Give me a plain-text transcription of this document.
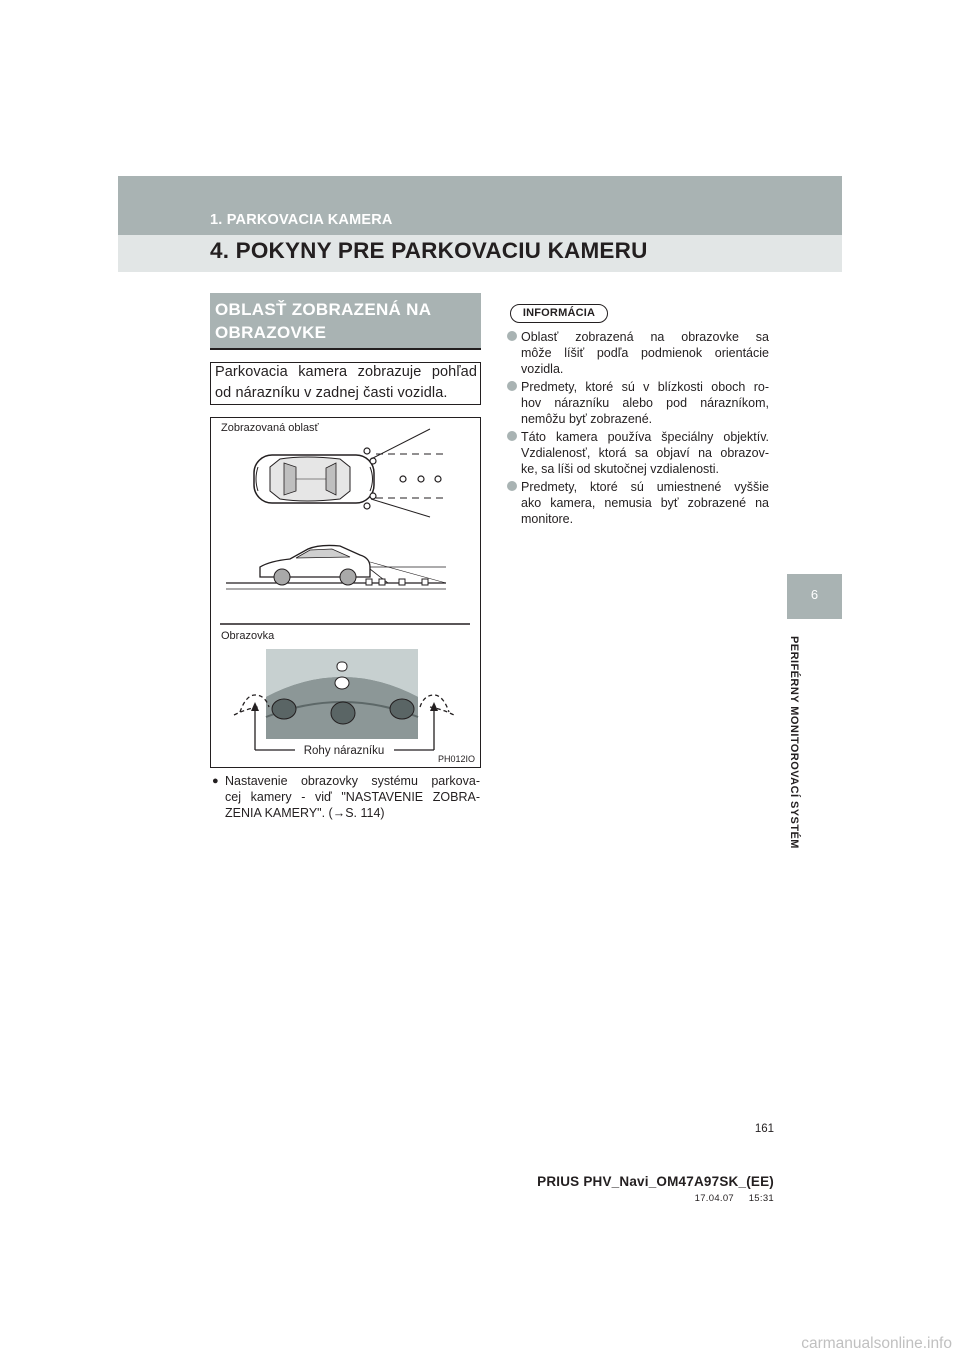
1. PARKOVACIA KAMERA
4. POKYNY PRE PARKOVACIU KAMERU
6
PERIFÉRNY MONITOROVACÍ SYSTÉM
OBLASŤ ZOBRAZENÁ NA
OBRAZOVKE
Parkovacia kamera zobrazuje pohľad
od nárazníku v zadnej časti vozidla.
Zobrazovaná oblasť
Obrazovka
Rohy nárazníku
PH012IO
● Nastavenie obrazovky systému parkova-
cej kamery - viď "NASTAVENIE ZOBRA-
ZENIA KAMERY". (→S. 114)
INFORMÁCIA
Oblasť zobrazená na obrazovke sa
môže líšiť podľa podmienok orientácie
vozidla.
Predmety, ktoré sú v blízkosti oboch ro-
hov nárazníku alebo pod nárazníkom,
nemôžu byť zobrazené.
Táto kamera používa špeciálny objektív.
Vzdialenosť, ktorá sa objaví na obrazov-
ke, sa líši od skutočnej vzdialenosti.
Predmety, ktoré sú umiestnené vyššie
ako kamera, nemusia byť zobrazené na
monitore.
161
PRIUS PHV_Navi_OM47A97SK_(EE)
17.04.07     15:31
carmanualsonline.info
